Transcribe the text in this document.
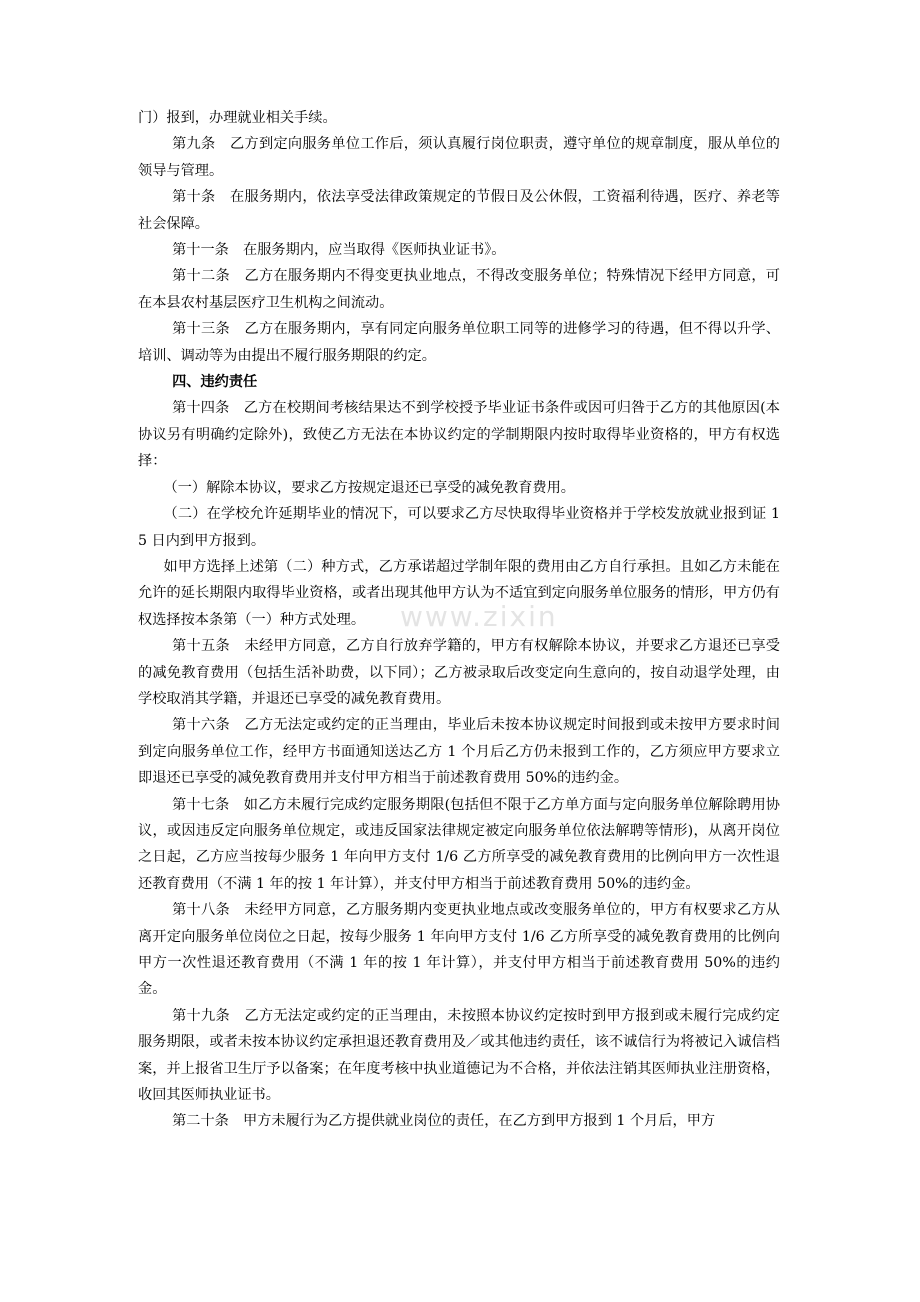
门）报到，办理就业相关手续。

第九条　乙方到定向服务单位工作后，须认真履行岗位职责，遵守单位的规章制度，服从单位的领导与管理。

第十条　在服务期内，依法享受法律政策规定的节假日及公休假，工资福利待遇，医疗、养老等社会保障。

第十一条　在服务期内，应当取得《医师执业证书》。

第十二条　乙方在服务期内不得变更执业地点，不得改变服务单位；特殊情况下经甲方同意，可在本县农村基层医疗卫生机构之间流动。

第十三条　乙方在服务期内，享有同定向服务单位职工同等的进修学习的待遇，但不得以升学、培训、调动等为由提出不履行服务期限的约定。

四、违约责任

第十四条　乙方在校期间考核结果达不到学校授予毕业证书条件或因可归咎于乙方的其他原因(本协议另有明确约定除外)，致使乙方无法在本协议约定的学制期限内按时取得毕业资格的，甲方有权选择：

（一）解除本协议，要求乙方按规定退还已享受的减免教育费用。

（二）在学校允许延期毕业的情况下，可以要求乙方尽快取得毕业资格并于学校发放就业报到证 15 日内到甲方报到。

如甲方选择上述第（二）种方式，乙方承诺超过学制年限的费用由乙方自行承担。且如乙方未能在允许的延长期限内取得毕业资格，或者出现其他甲方认为不适宜到定向服务单位服务的情形，甲方仍有权选择按本条第（一）种方式处理。

第十五条　未经甲方同意，乙方自行放弃学籍的，甲方有权解除本协议，并要求乙方退还已享受的减免教育费用（包括生活补助费，以下同）；乙方被录取后改变定向生意向的，按自动退学处理，由学校取消其学籍，并退还已享受的减免教育费用。

第十六条　乙方无法定或约定的正当理由，毕业后未按本协议规定时间报到或未按甲方要求时间到定向服务单位工作，经甲方书面通知送达乙方 1 个月后乙方仍未报到工作的，乙方须应甲方要求立即退还已享受的减免教育费用并支付甲方相当于前述教育费用 50%的违约金。

第十七条　如乙方未履行完成约定服务期限(包括但不限于乙方单方面与定向服务单位解除聘用协议，或因违反定向服务单位规定，或违反国家法律规定被定向服务单位依法解聘等情形)，从离开岗位之日起，乙方应当按每少服务 1 年向甲方支付 1/6 乙方所享受的减免教育费用的比例向甲方一次性退还教育费用（不满 1 年的按 1 年计算），并支付甲方相当于前述教育费用 50%的违约金。

第十八条　未经甲方同意，乙方服务期内变更执业地点或改变服务单位的，甲方有权要求乙方从离开定向服务单位岗位之日起，按每少服务 1 年向甲方支付 1/6 乙方所享受的减免教育费用的比例向甲方一次性退还教育费用（不满 1 年的按 1 年计算），并支付甲方相当于前述教育费用 50%的违约金。

第十九条　乙方无法定或约定的正当理由，未按照本协议约定按时到甲方报到或未履行完成约定服务期限，或者未按本协议约定承担退还教育费用及／或其他违约责任，该不诚信行为将被记入诚信档案，并上报省卫生厅予以备案；在年度考核中执业道德记为不合格，并依法注销其医师执业注册资格，收回其医师执业证书。

第二十条　甲方未履行为乙方提供就业岗位的责任，在乙方到甲方报到 1 个月后，甲方

www.zixin
